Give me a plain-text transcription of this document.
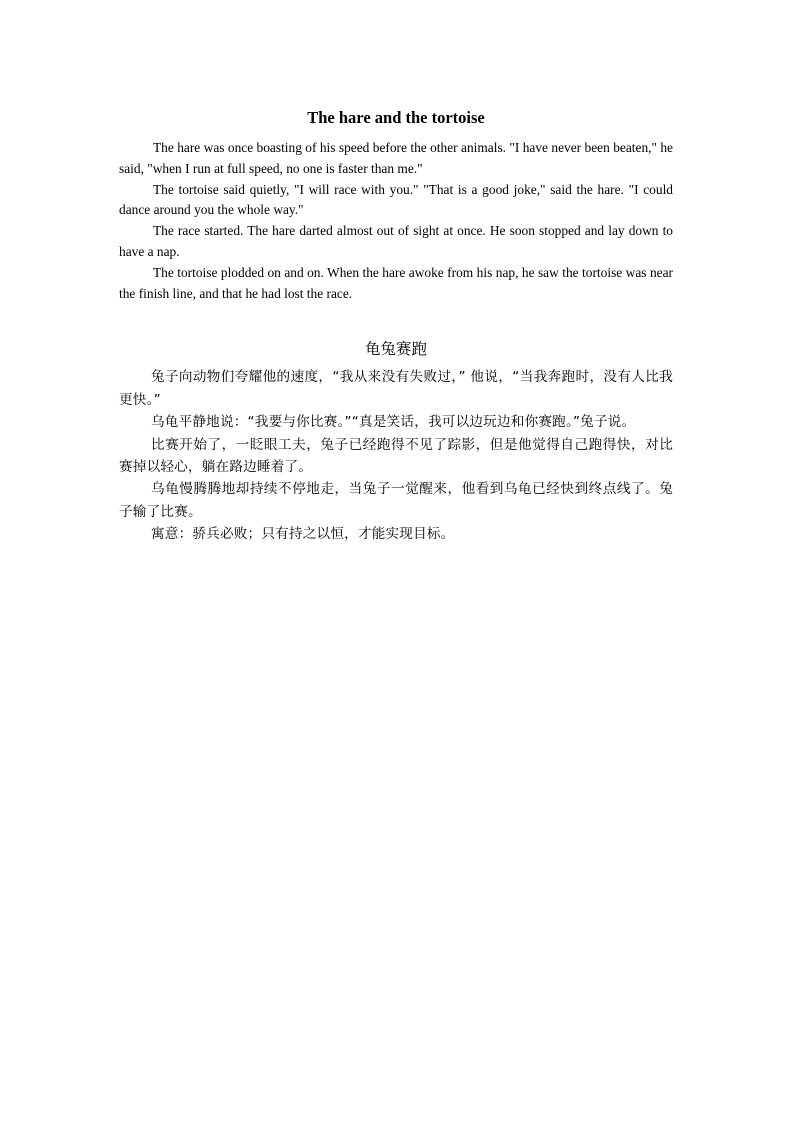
The hare and the tortoise

The hare was once boasting of his speed before the other animals. "I have never been beaten," he said, "when I run at full speed, no one is faster than me."

The tortoise said quietly, "I will race with you." "That is a good joke," said the hare. "I could dance around you the whole way."

The race started. The hare darted almost out of sight at once. He soon stopped and lay down to have a nap.

The tortoise plodded on and on. When the hare awoke from his nap, he saw the tortoise was near the finish line, and that he had lost the race.

龟兔赛跑

兔子向动物们夸耀他的速度，“我从来没有失败过，” 他说，“当我奔跑时，没有人比我更快。”

乌龟平静地说：“我要与你比赛。”“真是笑话，我可以边玩边和你赛跑。”兔子说。

比赛开始了，一眨眼工夫，兔子已经跑得不见了踪影，但是他觉得自己跑得快，对比赛掉以轻心，躺在路边睡着了。

乌龟慢腾腾地却持续不停地走，当兔子一觉醒来，他看到乌龟已经快到终点线了。兔子输了比赛。

寓意：骄兵必败；只有持之以恒，才能实现目标。
